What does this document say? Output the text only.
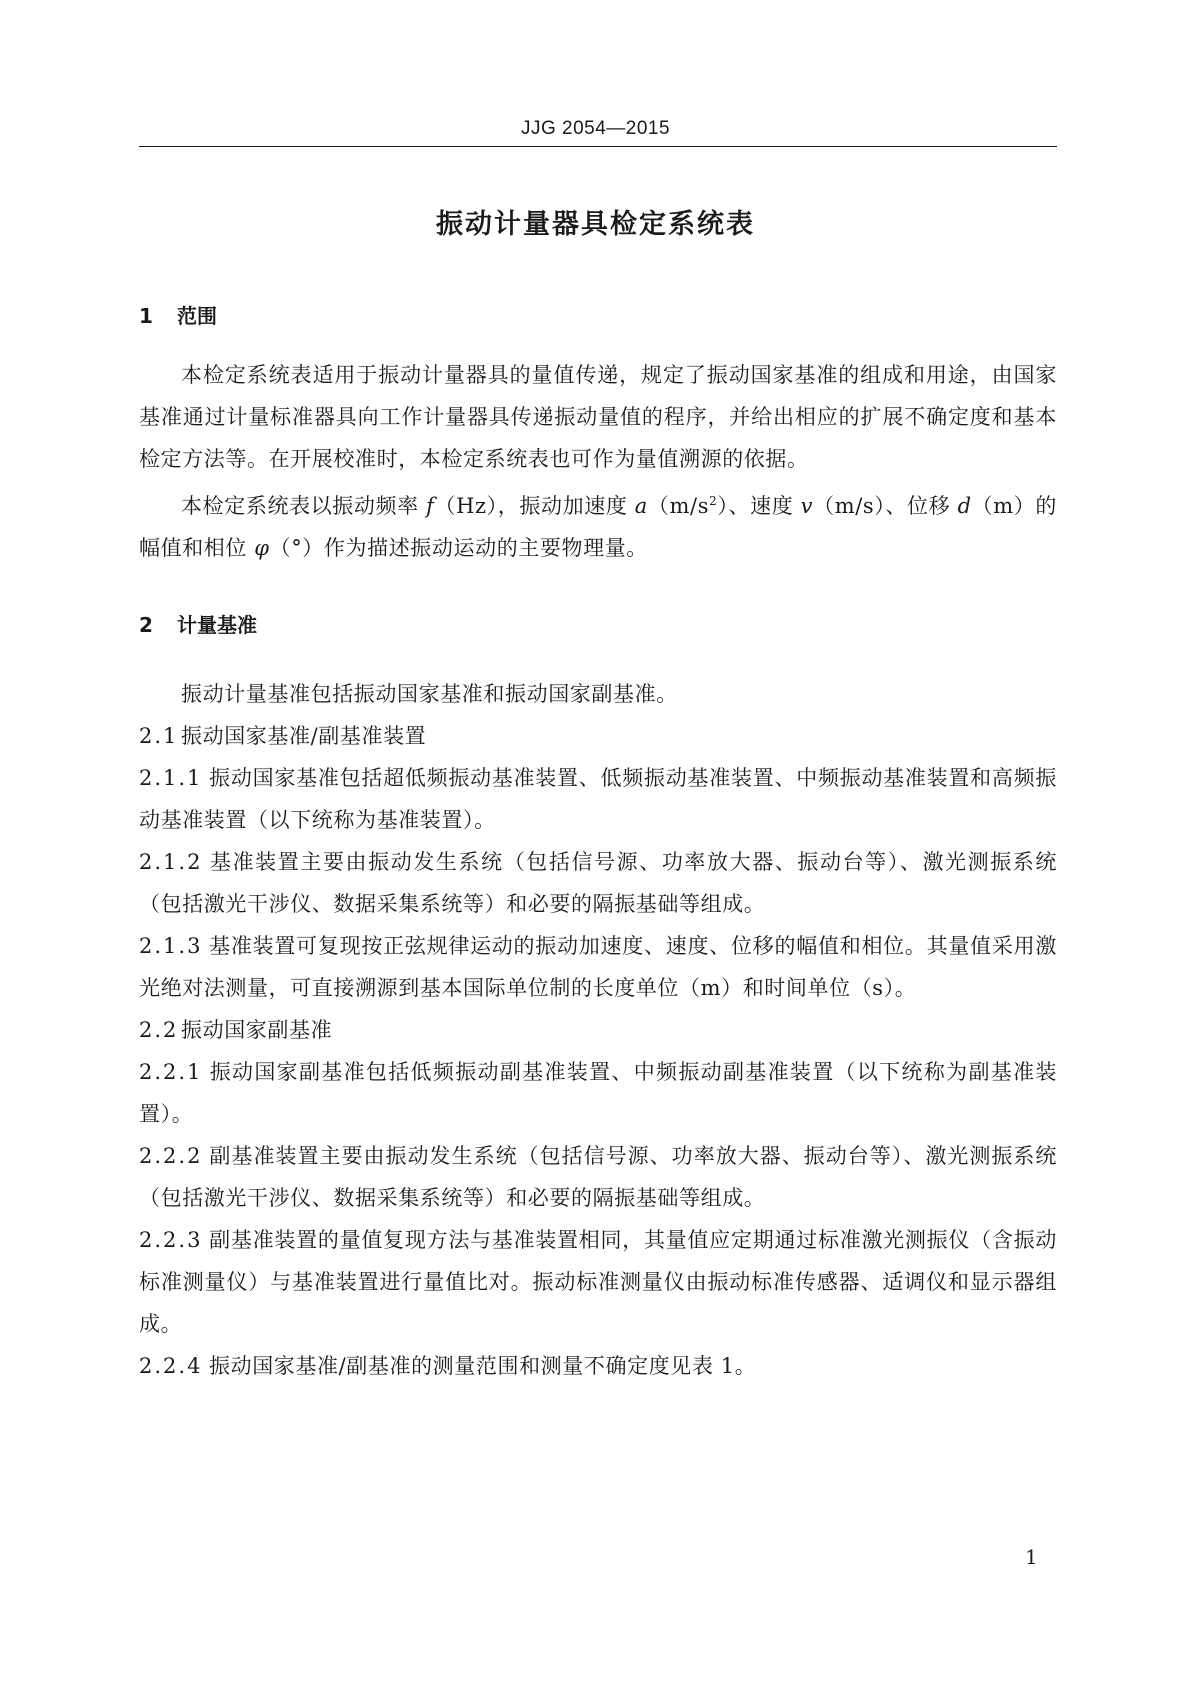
JJG 2054—2015
振动计量器具检定系统表
1 范围

本检定系统表适用于振动计量器具的量值传递，规定了振动国家基准的组成和用途，由国家基准通过计量标准器具向工作计量器具传递振动量值的程序，并给出相应的扩展不确定度和基本检定方法等。在开展校准时，本检定系统表也可作为量值溯源的依据。

本检定系统表以振动频率 f（Hz），振动加速度 $a(m/s^2)$、速度 v（m/s）、位移 d（m）的幅值和相位 φ（°）作为描述振动运动的主要物理量。

2 计量基准

振动计量基准包括振动国家基准和振动国家副基准。

2.1 振动国家基准/副基准装置

2.1.1 振动国家基准包括超低频振动基准装置、低频振动基准装置、中频振动基准装置和高频振动基准装置（以下统称为基准装置）。

2.1.2 基准装置主要由振动发生系统（包括信号源、功率放大器、振动台等）、激光测振系统（包括激光干涉仪、数据采集系统等）和必要的隔振基础等组成。

2.1.3 基准装置可复现按正弦规律运动的振动加速度、速度、位移的幅值和相位。其量值采用激光绝对法测量，可直接溯源到基本国际单位制的长度单位（m）和时间单位（s）。

2.2 振动国家副基准

2.2.1 振动国家副基准包括低频振动副基准装置、中频振动副基准装置（以下统称为副基准装置）。

2.2.2 副基准装置主要由振动发生系统（包括信号源、功率放大器、振动台等）、激光测振系统（包括激光干涉仪、数据采集系统等）和必要的隔振基础等组成。

2.2.3 副基准装置的量值复现方法与基准装置相同，其量值应定期通过标准激光测振仪（含振动标准测量仪）与基准装置进行量值比对。振动标准测量仪由振动标准传感器、适调仪和显示器组成。

2.2.4 振动国家基准/副基准的测量范围和测量不确定度见表 1。

1
